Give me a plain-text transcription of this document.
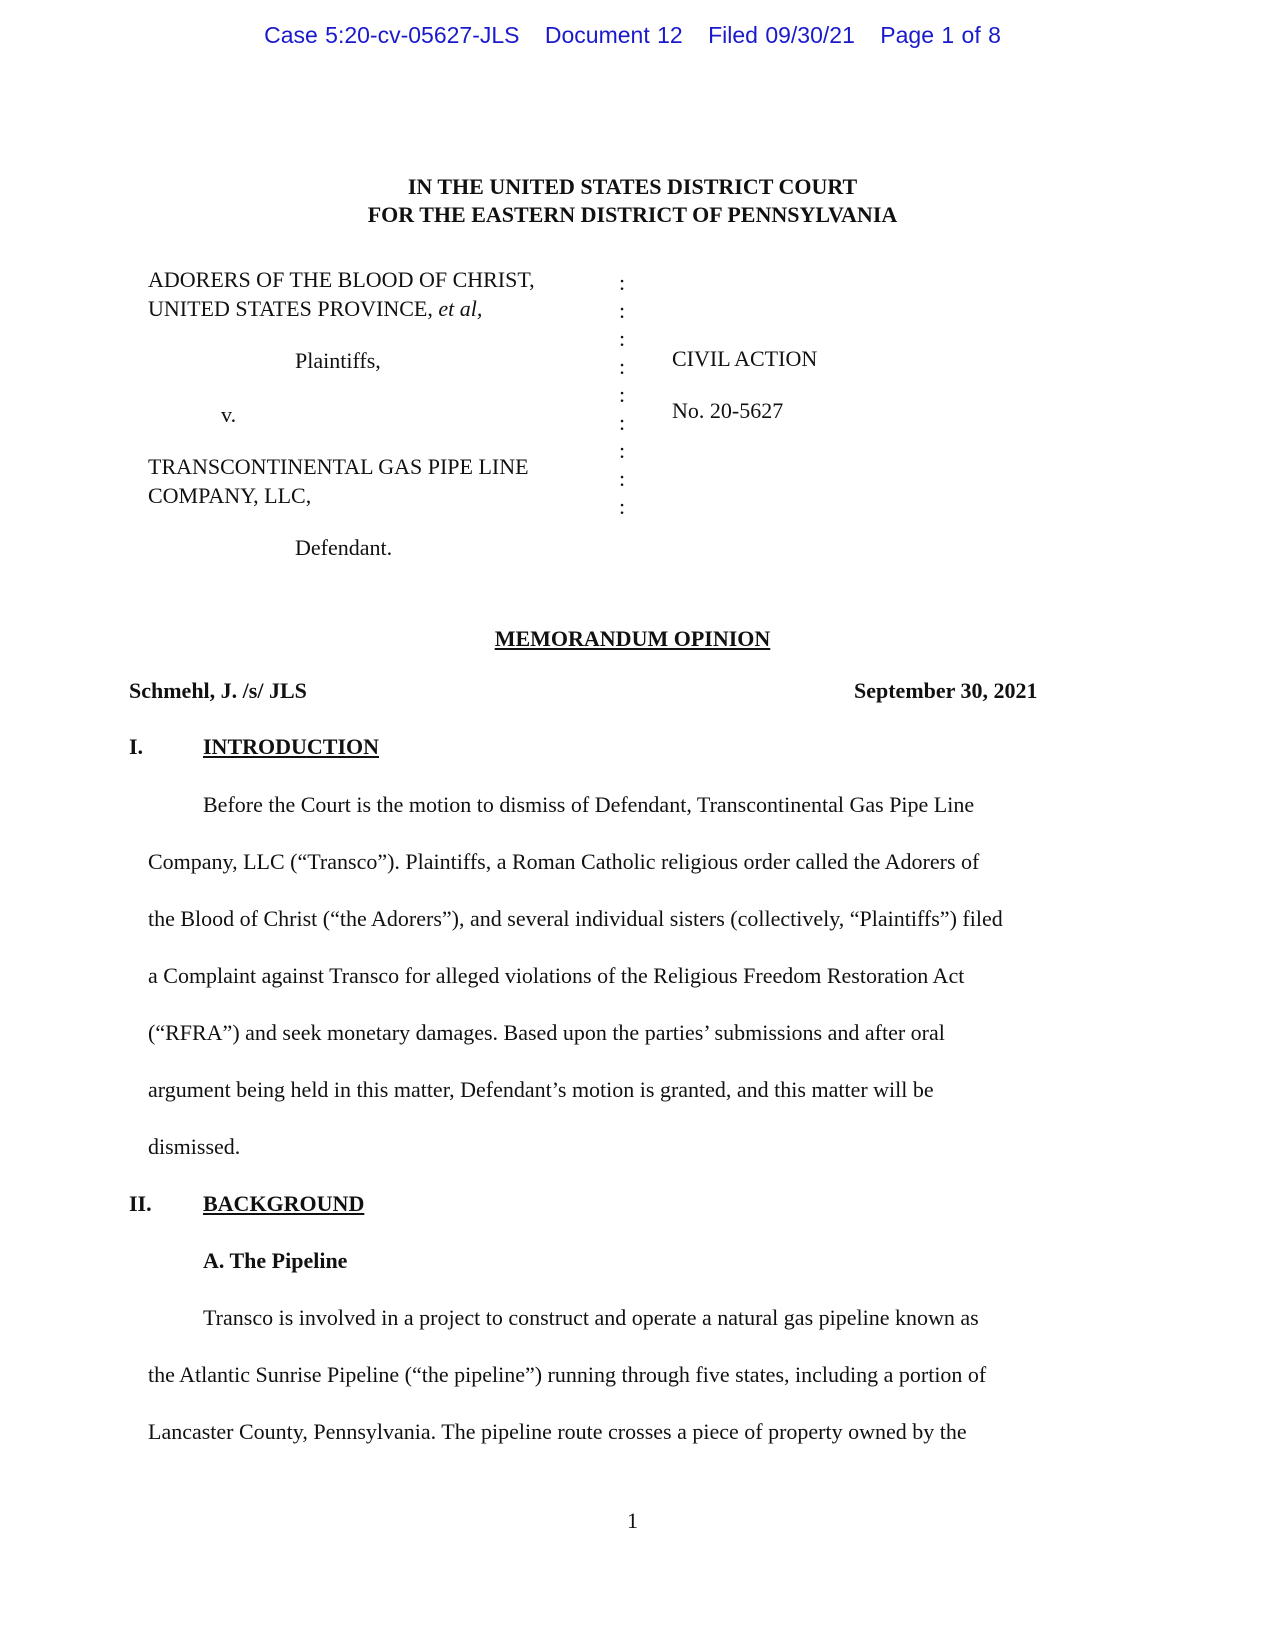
Case 5:20-cv-05627-JLS Document 12 Filed 09/30/21 Page 1 of 8
IN THE UNITED STATES DISTRICT COURT
FOR THE EASTERN DISTRICT OF PENNSYLVANIA
ADORERS OF THE BLOOD OF CHRIST,
UNITED STATES PROVINCE, et al,
Plaintiffs,
v.
TRANSCONTINENTAL GAS PIPE LINE
COMPANY, LLC,
Defendant.
:
:
:
:
:
:
:
:
:
CIVIL ACTION
No. 20-5627
MEMORANDUM OPINION
Schmehl, J. /s/ JLS	September 30, 2021
I.	INTRODUCTION
Before the Court is the motion to dismiss of Defendant, Transcontinental Gas Pipe Line
Company, LLC (“Transco”). Plaintiffs, a Roman Catholic religious order called the Adorers of
the Blood of Christ (“the Adorers”), and several individual sisters (collectively, “Plaintiffs”) filed
a Complaint against Transco for alleged violations of the Religious Freedom Restoration Act
(“RFRA”) and seek monetary damages. Based upon the parties’ submissions and after oral
argument being held in this matter, Defendant’s motion is granted, and this matter will be
dismissed.
II. BACKGROUND
A. The Pipeline
Transco is involved in a project to construct and operate a natural gas pipeline known as
the Atlantic Sunrise Pipeline (“the pipeline”) running through five states, including a portion of
Lancaster County, Pennsylvania. The pipeline route crosses a piece of property owned by the
1
